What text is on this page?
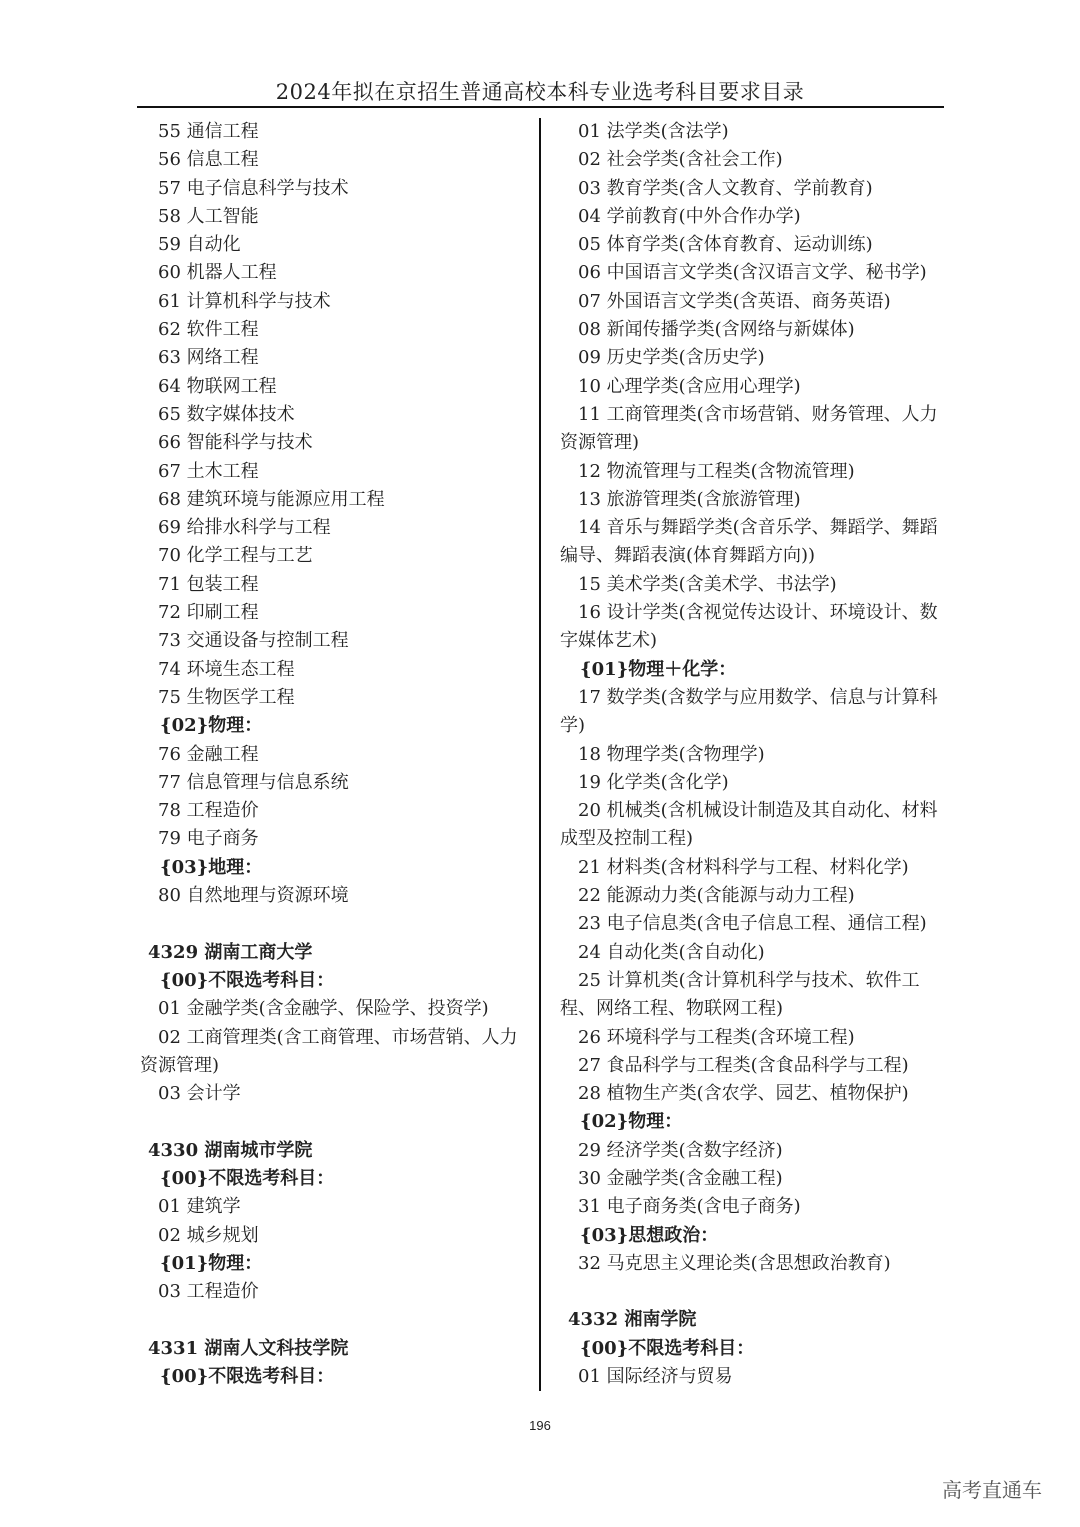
2024年拟在京招生普通高校本科专业选考科目要求目录
55 通信工程
56 信息工程
57 电子信息科学与技术
58 人工智能
59 自动化
60 机器人工程
61 计算机科学与技术
62 软件工程
63 网络工程
64 物联网工程
65 数字媒体技术
66 智能科学与技术
67 土木工程
68 建筑环境与能源应用工程
69 给排水科学与工程
70 化学工程与工艺
71 包装工程
72 印刷工程
73 交通设备与控制工程
74 环境生态工程
75 生物医学工程
{02}物理：
76 金融工程
77 信息管理与信息系统
78 工程造价
79 电子商务
{03}地理：
80 自然地理与资源环境
4329 湖南工商大学
{00}不限选考科目：
01 金融学类(含金融学、保险学、投资学)
02 工商管理类(含工商管理、市场营销、人力资源管理)
03 会计学
4330 湖南城市学院
{00}不限选考科目：
01 建筑学
02 城乡规划
{01}物理：
03 工程造价
4331 湖南人文科技学院
{00}不限选考科目：
01 法学类(含法学)
02 社会学类(含社会工作)
03 教育学类(含人文教育、学前教育)
04 学前教育(中外合作办学)
05 体育学类(含体育教育、运动训练)
06 中国语言文学类(含汉语言文学、秘书学)
07 外国语言文学类(含英语、商务英语)
08 新闻传播学类(含网络与新媒体)
09 历史学类(含历史学)
10 心理学类(含应用心理学)
11 工商管理类(含市场营销、财务管理、人力资源管理)
12 物流管理与工程类(含物流管理)
13 旅游管理类(含旅游管理)
14 音乐与舞蹈学类(含音乐学、舞蹈学、舞蹈编导、舞蹈表演(体育舞蹈方向))
15 美术学类(含美术学、书法学)
16 设计学类(含视觉传达设计、环境设计、数字媒体艺术)
{01}物理＋化学：
17 数学类(含数学与应用数学、信息与计算科学)
18 物理学类(含物理学)
19 化学类(含化学)
20 机械类(含机械设计制造及其自动化、材料成型及控制工程)
21 材料类(含材料科学与工程、材料化学)
22 能源动力类(含能源与动力工程)
23 电子信息类(含电子信息工程、通信工程)
24 自动化类(含自动化)
25 计算机类(含计算机科学与技术、软件工程、网络工程、物联网工程)
26 环境科学与工程类(含环境工程)
27 食品科学与工程类(含食品科学与工程)
28 植物生产类(含农学、园艺、植物保护)
{02}物理：
29 经济学类(含数字经济)
30 金融学类(含金融工程)
31 电子商务类(含电子商务)
{03}思想政治：
32 马克思主义理论类(含思想政治教育)
4332 湘南学院
{00}不限选考科目：
01 国际经济与贸易
196
高考直通车
